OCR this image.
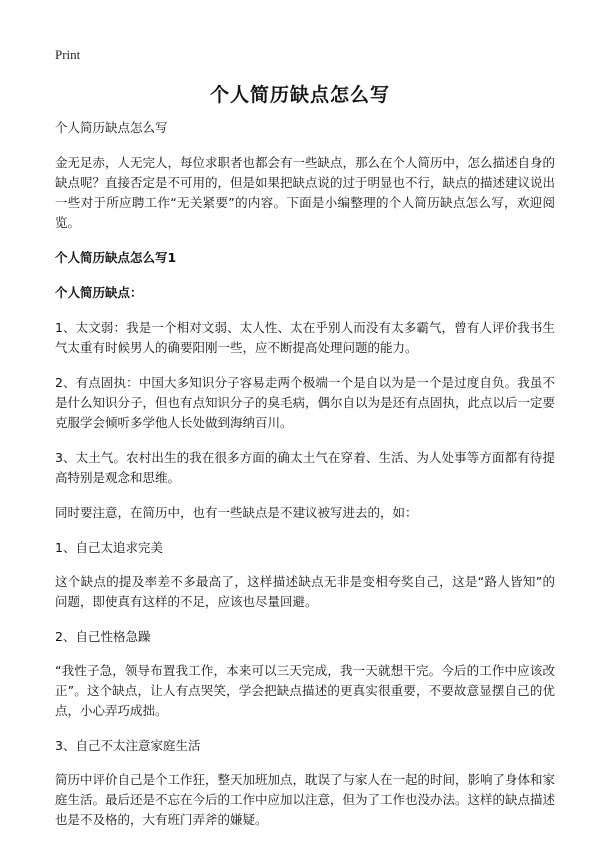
Print
个人简历缺点怎么写

个人简历缺点怎么写

金无足赤，人无完人，每位求职者也都会有一些缺点，那么在个人简历中，怎么描述自身的缺点呢？直接否定是不可用的，但是如果把缺点说的过于明显也不行，缺点的描述建议说出一些对于所应聘工作“无关紧要”的内容。下面是小编整理的个人简历缺点怎么写，欢迎阅览。

个人简历缺点怎么写1

个人简历缺点：

1、太文弱：我是一个相对文弱、太人性、太在乎别人而没有太多霸气，曾有人评价我书生气太重有时候男人的确要阳刚一些，应不断提高处理问题的能力。

2、有点固执：中国大多知识分子容易走两个极端一个是自以为是一个是过度自负。我虽不是什么知识分子，但也有点知识分子的臭毛病，偶尔自以为是还有点固执，此点以后一定要克服学会倾听多学他人长处做到海纳百川。

3、太土气。农村出生的我在很多方面的确太土气在穿着、生活、为人处事等方面都有待提高特别是观念和思维。

同时要注意，在简历中，也有一些缺点是不建议被写进去的，如：

1、自己太追求完美

这个缺点的提及率差不多最高了，这样描述缺点无非是变相夸奖自己，这是“路人皆知”的问题，即使真有这样的不足，应该也尽量回避。

2、自己性格急躁

“我性子急，领导布置我工作，本来可以三天完成，我一天就想干完。今后的工作中应该改正”。这个缺点，让人有点哭笑，学会把缺点描述的更真实很重要，不要故意显摆自己的优点，小心弄巧成拙。

3、自己不太注意家庭生活

简历中评价自己是个工作狂，整天加班加点，耽误了与家人在一起的时间，影响了身体和家庭生活。最后还是不忘在今后的工作中应加以注意，但为了工作也没办法。这样的缺点描述也是不及格的，大有班门弄斧的嫌疑。
